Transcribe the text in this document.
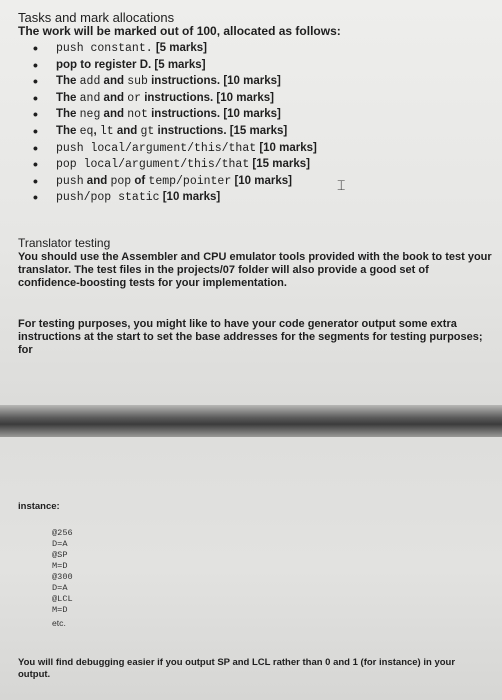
Tasks and mark allocations
The work will be marked out of 100, allocated as follows:
• push constant. [5 marks]
• pop to register D. [5 marks]
• The add and sub instructions. [10 marks]
• The and and or instructions. [10 marks]
• The neg and not instructions. [10 marks]
• The eq, lt and gt instructions. [15 marks]
• push local/argument/this/that [10 marks]
• pop local/argument/this/that [15 marks]
• push and pop of temp/pointer [10 marks]
• push/pop static [10 marks]
⌶
Translator testing
You should use the Assembler and CPU emulator tools provided with the book to test your translator. The test files in the projects/07 folder will also provide a good set of confidence-boosting tests for your implementation.
For testing purposes, you might like to have your code generator output some extra instructions at the start to set the base addresses for the segments for testing purposes; for
instance:
@256
D=A
@SP
M=D
@300
D=A
@LCL
M=D
etc.
You will find debugging easier if you output SP and LCL rather than 0 and 1 (for instance) in your output.
